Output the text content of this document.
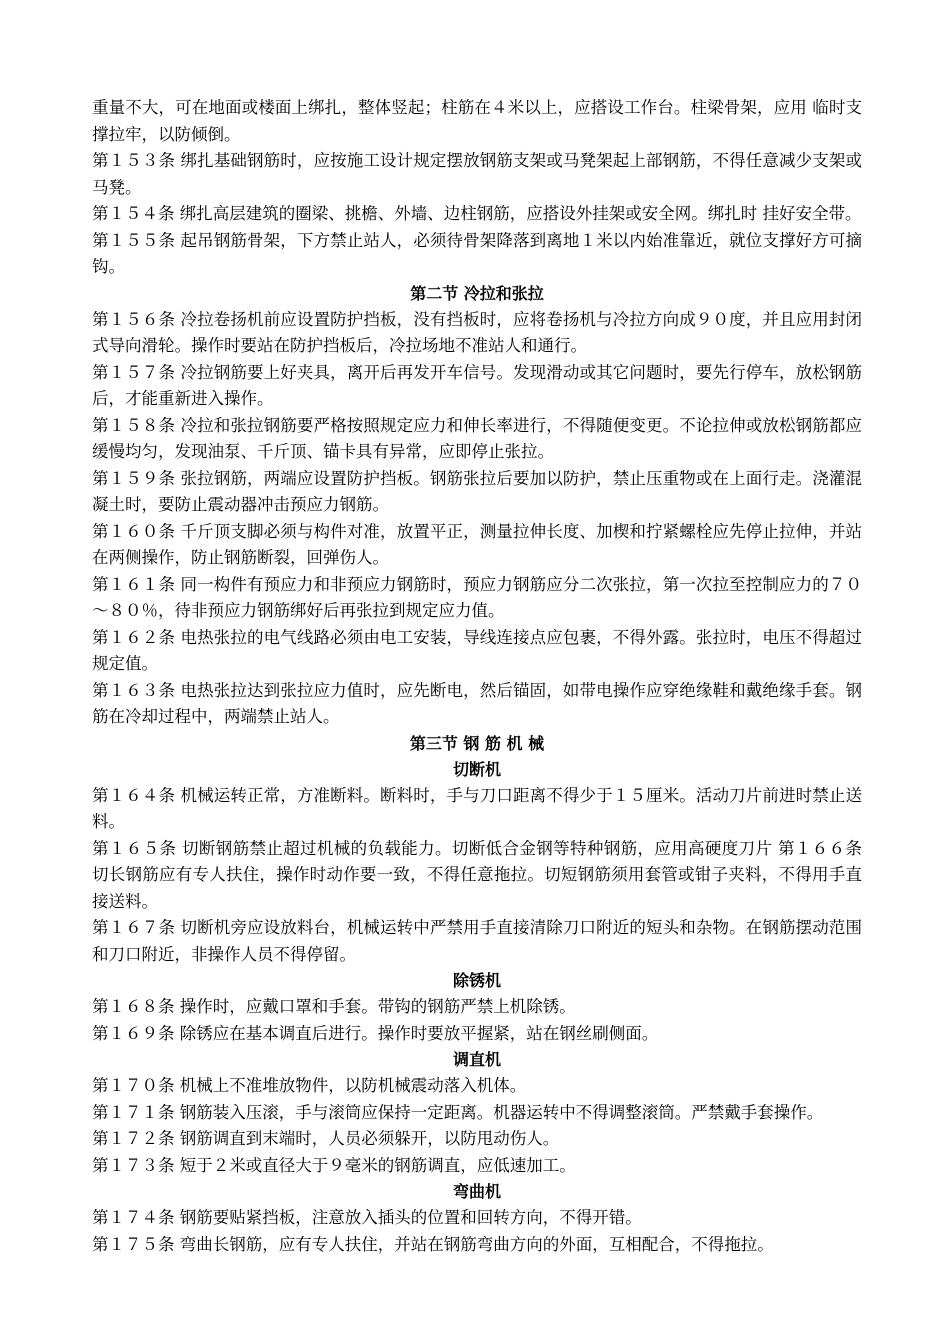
重量不大，可在地面或楼面上绑扎，整体竖起；柱筋在４米以上，应搭设工作台。柱梁骨架，应用 临时支撑拉牢，以防倾倒。

第１５３条 绑扎基础钢筋时，应按施工设计规定摆放钢筋支架或马凳架起上部钢筋，不得任意减少支架或马凳。

第１５４条 绑扎高层建筑的圈梁、挑檐、外墙、边柱钢筋，应搭设外挂架或安全网。绑扎时 挂好安全带。

第１５５条 起吊钢筋骨架，下方禁止站人，必须待骨架降落到离地１米以内始准靠近，就位支撑好方可摘钩。

第二节 冷拉和张拉

第１５６条 冷拉卷扬机前应设置防护挡板，没有挡板时，应将卷扬机与冷拉方向成９０度，并且应用封闭式导向滑轮。操作时要站在防护挡板后，冷拉场地不准站人和通行。

第１５７条 冷拉钢筋要上好夹具，离开后再发开车信号。发现滑动或其它问题时，要先行停车，放松钢筋后，才能重新进入操作。

第１５８条 冷拉和张拉钢筋要严格按照规定应力和伸长率进行，不得随便变更。不论拉伸或放松钢筋都应缓慢均匀，发现油泵、千斤顶、锚卡具有异常，应即停止张拉。

第１５９条 张拉钢筋，两端应设置防护挡板。钢筋张拉后要加以防护，禁止压重物或在上面行走。浇灌混凝土时，要防止震动器冲击预应力钢筋。

第１６０条 千斤顶支脚必须与构件对准，放置平正，测量拉伸长度、加楔和拧紧螺栓应先停止拉伸，并站在两侧操作，防止钢筋断裂，回弹伤人。

第１６１条 同一构件有预应力和非预应力钢筋时，预应力钢筋应分二次张拉，第一次拉至控制应力的７０～８０％，待非预应力钢筋绑好后再张拉到规定应力值。

第１６２条 电热张拉的电气线路必须由电工安装，导线连接点应包裹，不得外露。张拉时，电压不得超过规定值。

第１６３条 电热张拉达到张拉应力值时，应先断电，然后锚固，如带电操作应穿绝缘鞋和戴绝缘手套。钢筋在冷却过程中，两端禁止站人。

第三节 钢 筋 机 械

切断机

第１６４条 机械运转正常，方准断料。断料时，手与刀口距离不得少于１５厘米。活动刀片前进时禁止送料。

第１６５条 切断钢筋禁止超过机械的负载能力。切断低合金钢等特种钢筋，应用高硬度刀片 第１６６条 切长钢筋应有专人扶住，操作时动作要一致，不得任意拖拉。切短钢筋须用套管或钳子夹料，不得用手直接送料。

第１６７条 切断机旁应设放料台，机械运转中严禁用手直接清除刀口附近的短头和杂物。在钢筋摆动范围和刀口附近，非操作人员不得停留。

除锈机

第１６８条 操作时，应戴口罩和手套。带钩的钢筋严禁上机除锈。

第１６９条 除锈应在基本调直后进行。操作时要放平握紧，站在钢丝刷侧面。

调直机

第１７０条 机械上不准堆放物件，以防机械震动落入机体。

第１７１条 钢筋装入压滚，手与滚筒应保持一定距离。机器运转中不得调整滚筒。严禁戴手套操作。

第１７２条 钢筋调直到末端时，人员必须躲开，以防甩动伤人。

第１７３条 短于２米或直径大于９毫米的钢筋调直，应低速加工。

弯曲机

第１７４条 钢筋要贴紧挡板，注意放入插头的位置和回转方向，不得开错。

第１７５条 弯曲长钢筋，应有专人扶住，并站在钢筋弯曲方向的外面，互相配合，不得拖拉。
